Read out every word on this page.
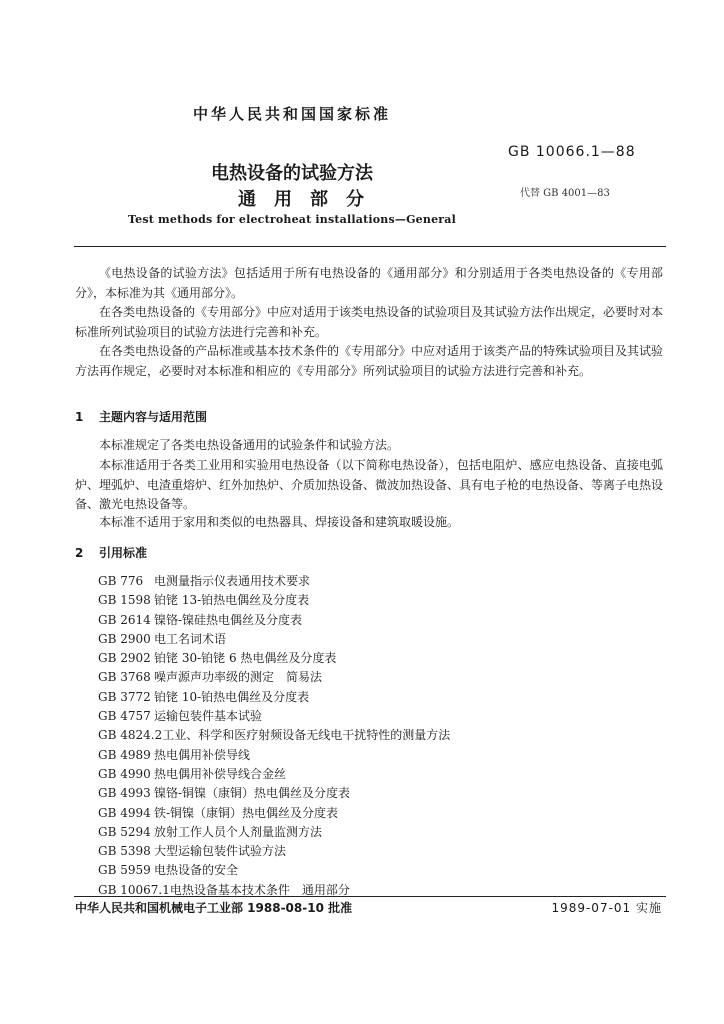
中华人民共和国国家标准
GB 10066.1—88
电热设备的试验方法
通用部分	代替 GB 4001—83
Test methods for electroheat installations—General
《电热设备的试验方法》包括适用于所有电热设备的《通用部分》和分别适用于各类电热设备的《专用部分》，本标准为其《通用部分》。
在各类电热设备的《专用部分》中应对适用于该类电热设备的试验项目及其试验方法作出规定，必要时对本标准所列试验项目的试验方法进行完善和补充。
在各类电热设备的产品标准或基本技术条件的《专用部分》中应对适用于该类产品的特殊试验项目及其试验方法再作规定，必要时对本标准和相应的《专用部分》所列试验项目的试验方法进行完善和补充。
1 主题内容与适用范围
本标准规定了各类电热设备通用的试验条件和试验方法。
本标准适用于各类工业用和实验用电热设备（以下简称电热设备），包括电阻炉、感应电热设备、直接电弧炉、埋弧炉、电渣重熔炉、红外加热炉、介质加热设备、微波加热设备、具有电子枪的电热设备、等离子电热设备、激光电热设备等。
本标准不适用于家用和类似的电热器具、焊接设备和建筑取暖设施。
2 引用标准
GB 776 电测量指示仪表通用技术要求
GB 1598 铂铑 13-铂热电偶丝及分度表
GB 2614 镍铬-镍硅热电偶丝及分度表
GB 2900 电工名词术语
GB 2902 铂铑 30-铂铑 6 热电偶丝及分度表
GB 3768 噪声源声功率级的测定　简易法
GB 3772 铂铑 10-铂热电偶丝及分度表
GB 4757 运输包装件基本试验
GB 4824.2工业、科学和医疗射频设备无线电干扰特性的测量方法
GB 4989 热电偶用补偿导线
GB 4990 热电偶用补偿导线合金丝
GB 4993 镍铬-铜镍（康铜）热电偶丝及分度表
GB 4994 铁-铜镍（康铜）热电偶丝及分度表
GB 5294 放射工作人员个人剂量监测方法
GB 5398 大型运输包装件试验方法
GB 5959 电热设备的安全
GB 10067.1电热设备基本技术条件　通用部分
中华人民共和国机械电子工业部 1988-08-10 批准	1989-07-01 实施
